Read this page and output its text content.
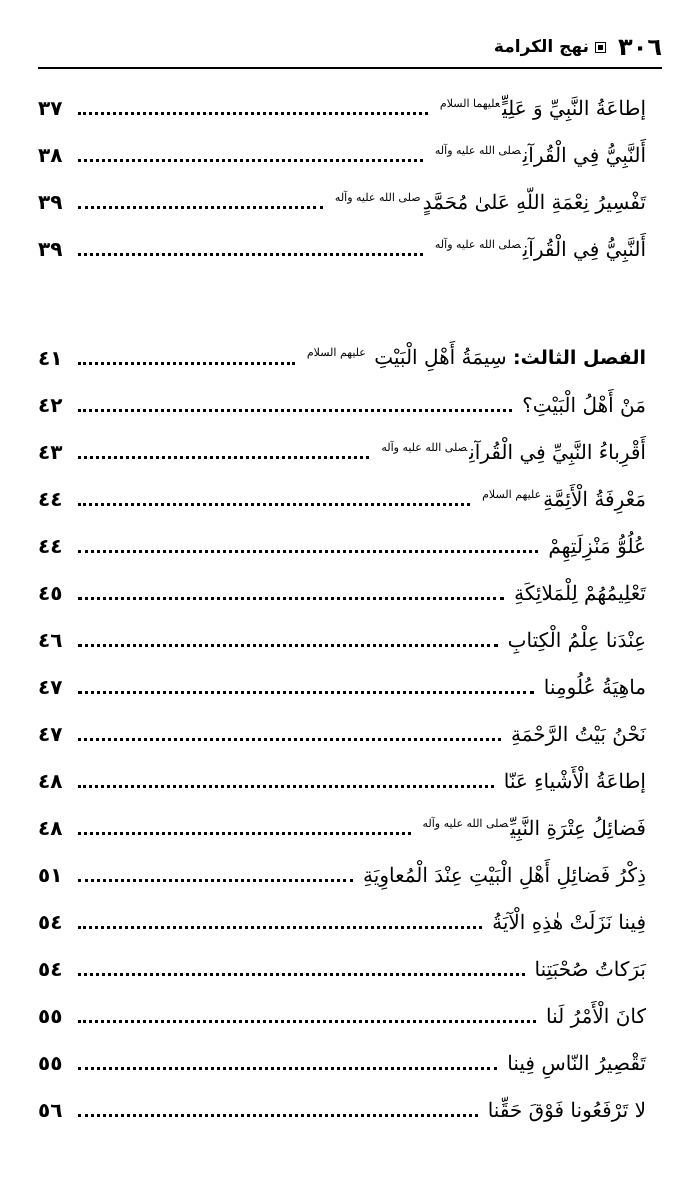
٣٠٦
نهج الكرامة
إطاعَةُ النَّبِيِّ وَ عَلِيٍّ$^{عليهما السلام}$
٣٧
أَلنَّبِيُّ فِي الْقُرآنِ$^{صلى الله عليه وآله}$
٣٨
تَفْسِيرُ نِعْمَةِ اللّهِ عَلىٰ مُحَمَّدٍ$^{صلى الله عليه وآله}$
٣٩
أَلنَّبِيُّ فِي الْقُرآنِ$^{صلى الله عليه وآله}$
٣٩
الفصل الثالث: سِيمَةُ أَهْلِ الْبَيْتِ $^{عليهم السلام}$
٤١
مَنْ أَهْلُ الْبَيْتِ؟
٤٢
أَقْرِباءُ النَّبِيِّ فِي الْقُرآنِ$^{صلى الله عليه وآله}$
٤٣
مَعْرِفَةُ الْأَئِمَّةِ$^{عليهم السلام}$
٤٤
عُلُوُّ مَنْزِلَتِهِمْ
٤٤
تَعْلِيمُهُمْ لِلْمَلائِكَةِ
٤٥
عِنْدَنا عِلْمُ الْكِتابِ
٤٦
ماهِيَةُ عُلُومِنا
٤٧
نَحْنُ بَيْتُ الرَّحْمَةِ
٤٧
إطاعَةُ الْأَشْياءِ عَنّا
٤٨
فَضائِلُ عِتْرَةِ النَّبِيِّ$^{صلى الله عليه وآله}$
٤٨
ذِكْرُ فَضائِلِ أَهْلِ الْبَيْتِ عِنْدَ الْمُعاوِيَةِ
٥١
فِينا نَزَلَتْ هٰذِهِ الْآيَةُ
٥٤
بَرَكاتُ صُحْبَتِنا
٥٤
كانَ الْأَمْرُ لَنا
٥٥
تَقْصِيرُ النّاسِ فِينا
٥٥
لا تَرْفَعُونا فَوْقَ حَقِّنا
٥٦
